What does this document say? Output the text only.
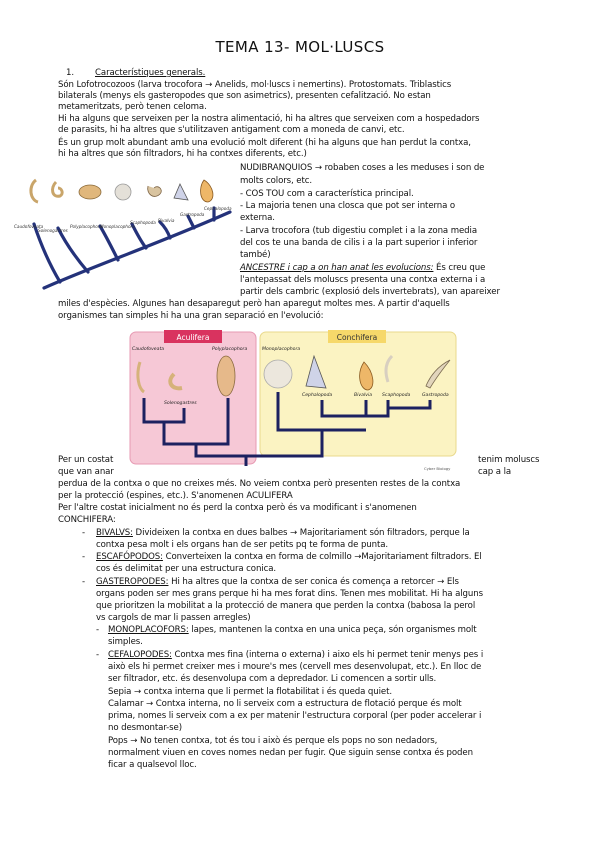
TEMA 13- MOL·LUSCS
1. Característiques generals.
Són Lofotrocozoos (larva trocofora → Anelids, mol·luscs i nemertins). Protostomats. Triblastics
bilaterals (menys els gasteropodes que son asimetrics), presenten cefalització. No estan
metameritzats, però tenen celoma.
Hi ha alguns que serveixen per la nostra alimentació, hi ha altres que serveixen com a hospedadors
de parasits, hi ha altres que s'utilitzaven antigament com a moneda de canvi, etc.
És un grup molt abundant amb una evolució molt diferent (hi ha alguns que han perdut la contxa,
hi ha altres que són filtradors, hi ha contxes diferents, etc.)
Caudofoveata
Solenogastres
Polyplacophora
Monoplacophora
Scaphopoda Bivalvia
Gastropoda
Cephalopoda
NUDIBRANQUIOS → robaben coses a les meduses i son de
molts colors, etc.
- COS TOU com a característica principal.
- La majoria tenen una closca que pot ser interna o
externa.
- Larva trocofora (tub digestiu complet i a la zona media
del cos te una banda de cilis i a la part superior i inferior
també)
ANCESTRE i cap a on han anat les evolucions: És creu que
l'antepassat dels moluscs presenta una contxa externa i a
partir dels cambric (explosió dels invertebrats), van apareixer
miles d'espècies. Algunes han desaparegut però han aparegut moltes mes. A partir d'aquells
organismes tan simples hi ha una gran separació en l'evolució:
Aculifera	Conchifera
Caudofoveata
Solenogastres
Polyplacophora	Monoplacophora
Cephalopoda	Bivalvia Scaphopoda	Gastropoda
Cyber Biology
Per un costat	tenim moluscs
que van anar	cap a la
perdua de la contxa o que no creixes més. No veiem contxa però presenten restes de la contxa
per la protecció (espines, etc.). S'anomenen ACULIFERA
Per l'altre costat inicialment no és perd la contxa però és va modificant i s'anomenen
CONCHIFERA:
- BIVALVS: Divideixen la contxa en dues balbes → Majoritariament són filtradors, perque la
contxa pesa molt i els organs han de ser petits pq te forma de punta.
- ESCAFÓPODOS: Converteixen la contxa en forma de colmillo →Majoritariament filtradors. El
cos és delimitat per una estructura conica.
- GASTEROPODES: Hi ha altres que la contxa de ser conica és comença a retorcer → Els
organs poden ser mes grans perque hi ha mes forat dins. Tenen mes mobilitat. Hi ha alguns
que prioritzen la mobilitat a la protecció de manera que perden la contxa (babosa la perol
vs cargols de mar li passen arregles)
- MONOPLACOFORS: lapes, mantenen la contxa en una unica peça, són organismes molt
simples.
- CEFALOPODES: Contxa mes fina (interna o externa) i aixo els hi permet tenir menys pes i
això els hi permet creixer mes i moure's mes (cervell mes desenvolupat, etc.). En lloc de
ser filtrador, etc. és desenvolupa com a depredador. Li comencen a sortir ulls.
Sepia → contxa interna que li permet la flotabilitat i és queda quiet.
Calamar → Contxa interna, no li serveix com a estructura de flotació perque és molt
prima, nomes li serveix com a ex per matenir l'estructura corporal (per poder accelerar i
no desmontar-se)
Pops → No tenen contxa, tot és tou i això és perque els pops no son nedadors,
normalment viuen en coves nomes nedan per fugir. Que siguin sense contxa és poden
ficar a qualsevol lloc.
